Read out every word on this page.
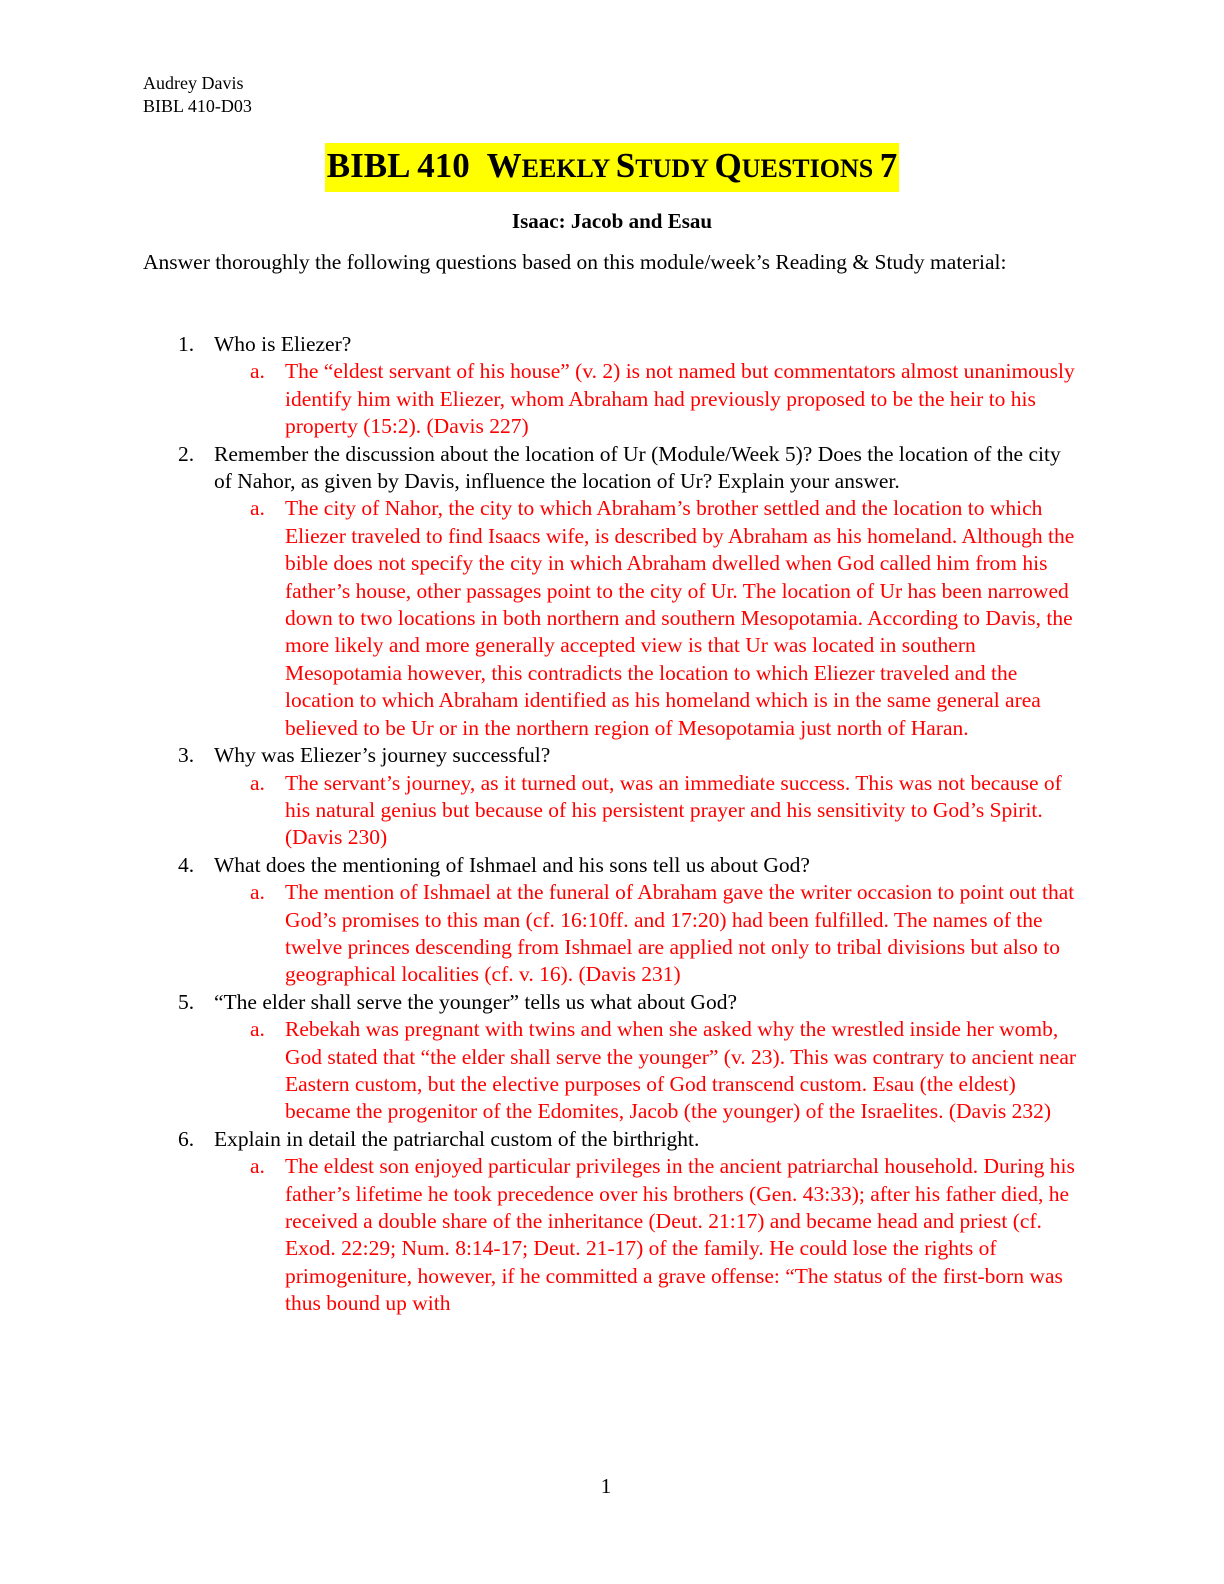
Audrey Davis
BIBL 410-D03
BIBL 410  WEEKLY STUDY QUESTIONS 7
Isaac: Jacob and Esau
Answer thoroughly the following questions based on this module/week’s Reading & Study material:
1. Who is Eliezer?
a. The “eldest servant of his house” (v. 2) is not named but commentators almost unanimously identify him with Eliezer, whom Abraham had previously proposed to be the heir to his property (15:2). (Davis 227)
2. Remember the discussion about the location of Ur (Module/Week 5)? Does the location of the city of Nahor, as given by Davis, influence the location of Ur? Explain your answer.
a. The city of Nahor, the city to which Abraham’s brother settled and the location to which Eliezer traveled to find Isaacs wife, is described by Abraham as his homeland. Although the bible does not specify the city in which Abraham dwelled when God called him from his father’s house, other passages point to the city of Ur. The location of Ur has been narrowed down to two locations in both northern and southern Mesopotamia. According to Davis, the more likely and more generally accepted view is that Ur was located in southern Mesopotamia however, this contradicts the location to which Eliezer traveled and the location to which Abraham identified as his homeland which is in the same general area believed to be Ur or in the northern region of Mesopotamia just north of Haran.
3. Why was Eliezer’s journey successful?
a. The servant’s journey, as it turned out, was an immediate success. This was not because of his natural genius but because of his persistent prayer and his sensitivity to God’s Spirit. (Davis 230)
4. What does the mentioning of Ishmael and his sons tell us about God?
a. The mention of Ishmael at the funeral of Abraham gave the writer occasion to point out that God’s promises to this man (cf. 16:10ff. and 17:20) had been fulfilled. The names of the twelve princes descending from Ishmael are applied not only to tribal divisions but also to geographical localities (cf. v. 16). (Davis 231)
5. “The elder shall serve the younger” tells us what about God?
a. Rebekah was pregnant with twins and when she asked why the wrestled inside her womb, God stated that “the elder shall serve the younger” (v. 23). This was contrary to ancient near Eastern custom, but the elective purposes of God transcend custom. Esau (the eldest) became the progenitor of the Edomites, Jacob (the younger) of the Israelites. (Davis 232)
6. Explain in detail the patriarchal custom of the birthright.
a. The eldest son enjoyed particular privileges in the ancient patriarchal household. During his father’s lifetime he took precedence over his brothers (Gen. 43:33); after his father died, he received a double share of the inheritance (Deut. 21:17) and became head and priest (cf. Exod. 22:29; Num. 8:14-17; Deut. 21-17) of the family. He could lose the rights of primogeniture, however, if he committed a grave offense: “The status of the first-born was thus bound up with
1
